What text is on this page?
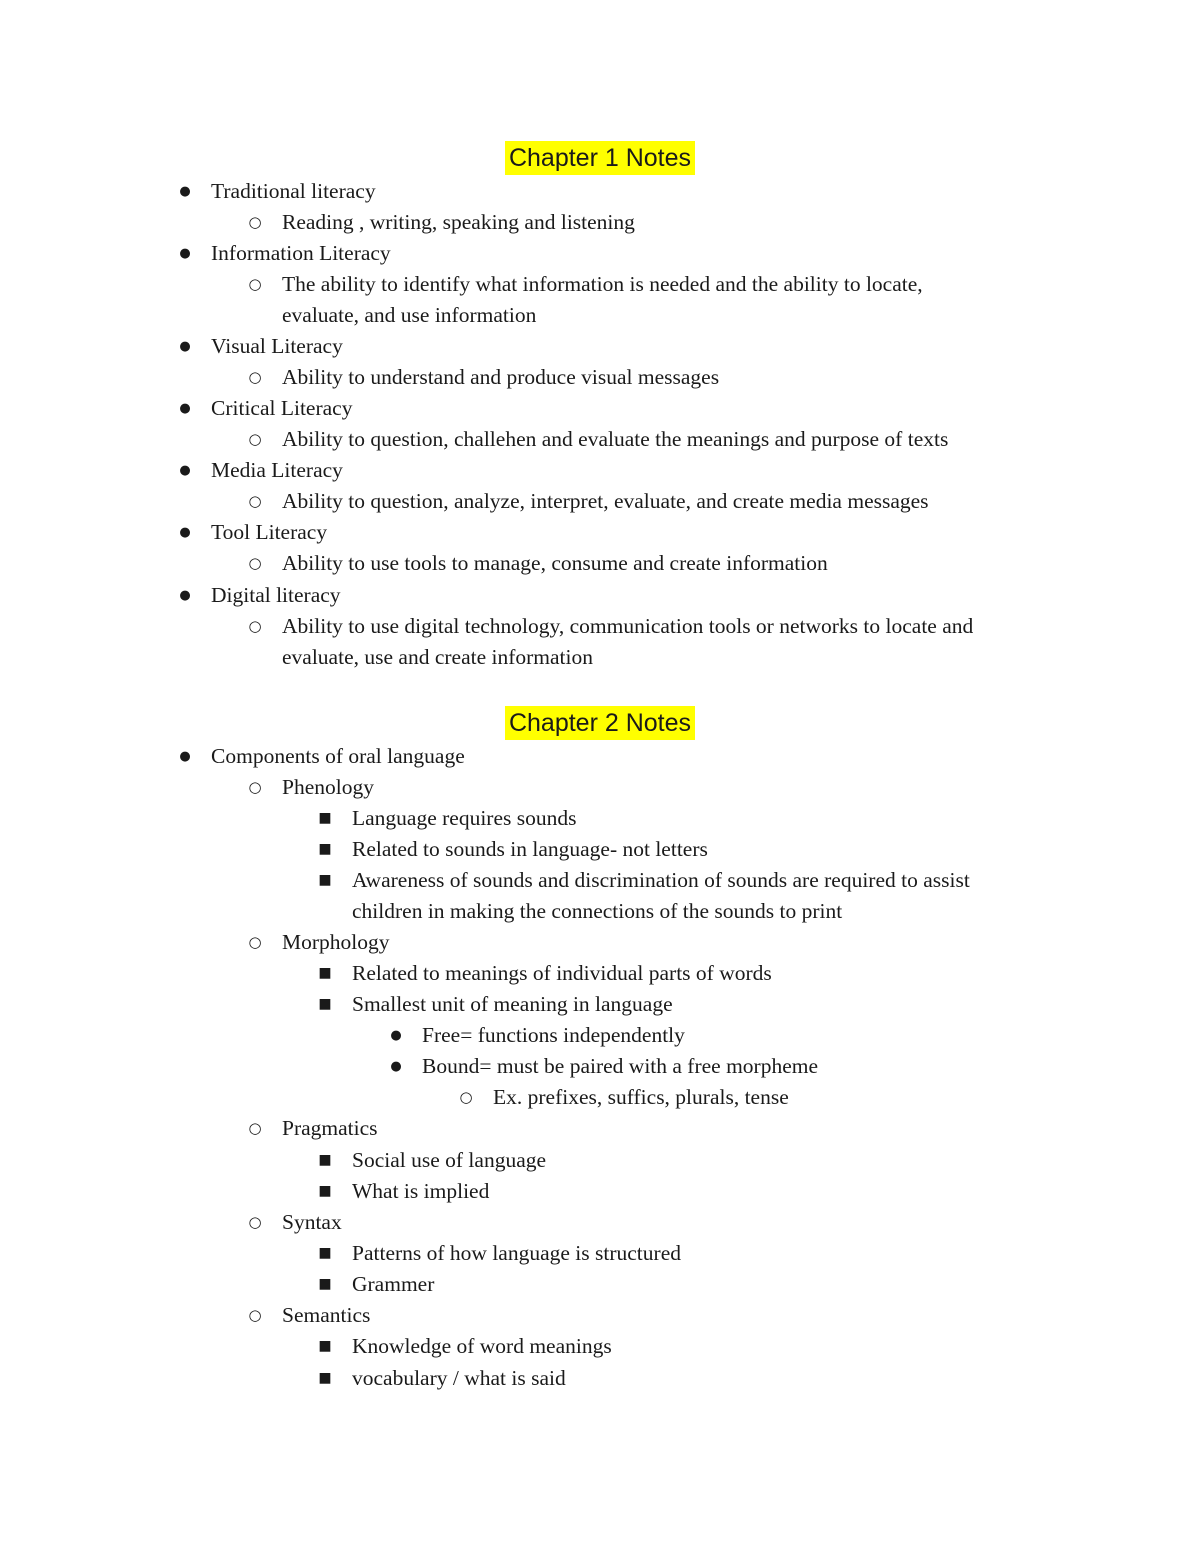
Chapter 1 Notes
● Traditional literacy
○ Reading , writing, speaking and listening
● Information Literacy
○ The ability to identify what information is needed and the ability to locate,
evaluate, and use information
● Visual Literacy
○ Ability to understand and produce visual messages
● Critical Literacy
○ Ability to question, challehen and evaluate the meanings and purpose of texts
● Media Literacy
○ Ability to question, analyze, interpret, evaluate, and create media messages
● Tool Literacy
○ Ability to use tools to manage, consume and create information
● Digital literacy
○ Ability to use digital technology, communication tools or networks to locate and
evaluate, use and create information
Chapter 2 Notes
● Components of oral language
○ Phenology
■ Language requires sounds
■ Related to sounds in language- not letters
■ Awareness of sounds and discrimination of sounds are required to assist
children in making the connections of the sounds to print
○ Morphology
■ Related to meanings of individual parts of words
■ Smallest unit of meaning in language
● Free= functions independently
● Bound= must be paired with a free morpheme
○ Ex. prefixes, suffics, plurals, tense
○ Pragmatics
■ Social use of language
■ What is implied
○ Syntax
■ Patterns of how language is structured
■ Grammer
○ Semantics
■ Knowledge of word meanings
■ vocabulary / what is said
